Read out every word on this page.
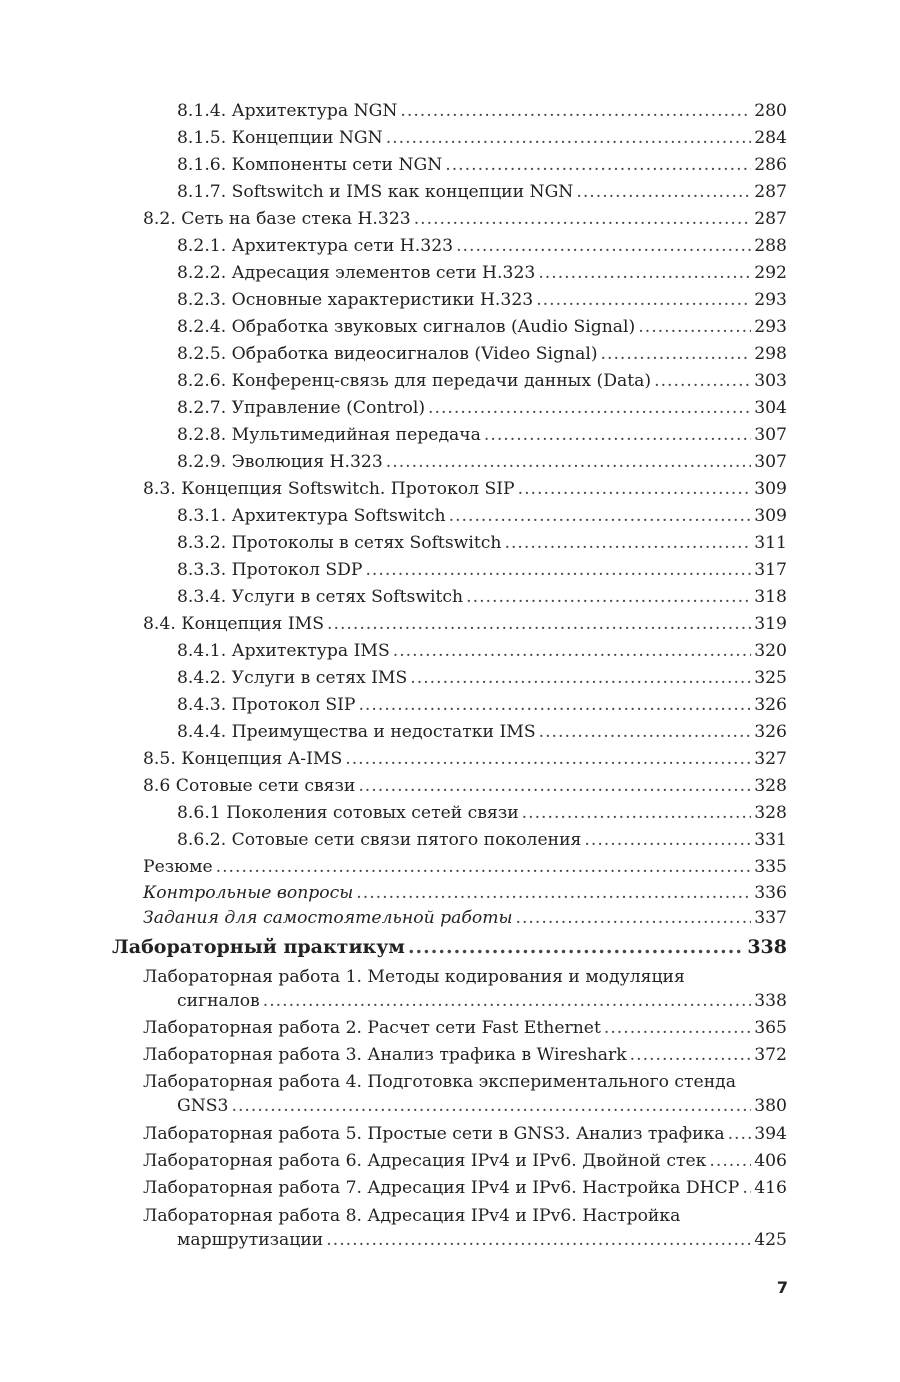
8.1.4. Архитектура NGN .....	280
8.1.5. Концепции NGN .....	284
8.1.6. Компоненты сети NGN .....	286
8.1.7. Softswitch и IMS как концепции NGN .....	287
8.2. Сеть на базе стека H.323 .....	287
8.2.1. Архитектура сети H.323 .....	288
8.2.2. Адресация элементов сети H.323 .....	292
8.2.3. Основные характеристики H.323 .....	293
8.2.4. Обработка звуковых сигналов (Audio Signal) .....	293
8.2.5. Обработка видеосигналов (Video Signal) .....	298
8.2.6. Конференц-связь для передачи данных (Data) .....	303
8.2.7. Управление (Control) .....	304
8.2.8. Мультимедийная передача .....	307
8.2.9. Эволюция H.323 .....	307
8.3. Концепция Softswitch. Протокол SIP .....	309
8.3.1. Архитектура Softswitch .....	309
8.3.2. Протоколы в сетях Softswitch .....	311
8.3.3. Протокол SDP .....	317
8.3.4. Услуги в сетях Softswitch .....	318
8.4. Концепция IMS .....	319
8.4.1. Архитектура IMS .....	320
8.4.2. Услуги в сетях IMS .....	325
8.4.3. Протокол SIP .....	326
8.4.4. Преимущества и недостатки IMS .....	326
8.5. Концепция A-IMS .....	327
8.6 Сотовые сети связи .....	328
8.6.1 Поколения сотовых сетей связи .....	328
8.6.2. Сотовые сети связи пятого поколения .....	331
Резюме .....	335
Контрольные вопросы .....	336
Задания для самостоятельной работы .....	337
Лабораторный практикум .....	338
Лабораторная работа 1. Методы кодирования и модуляция
сигналов .....	338
Лабораторная работа 2. Расчет сети Fast Ethernet .....	365
Лабораторная работа 3. Анализ трафика в Wireshark .....	372
Лабораторная работа 4. Подготовка экспериментального стенда
GNS3 .....	380
Лабораторная работа 5. Простые сети в GNS3. Анализ трафика ..... 394
Лабораторная работа 6. Адресация IPv4 и IPv6. Двойной стек .....	406
Лабораторная работа 7. Адресация IPv4 и IPv6. Настройка DHCP ..... 416
Лабораторная работа 8. Адресация IPv4 и IPv6. Настройка
маршрутизации .....	425
7
